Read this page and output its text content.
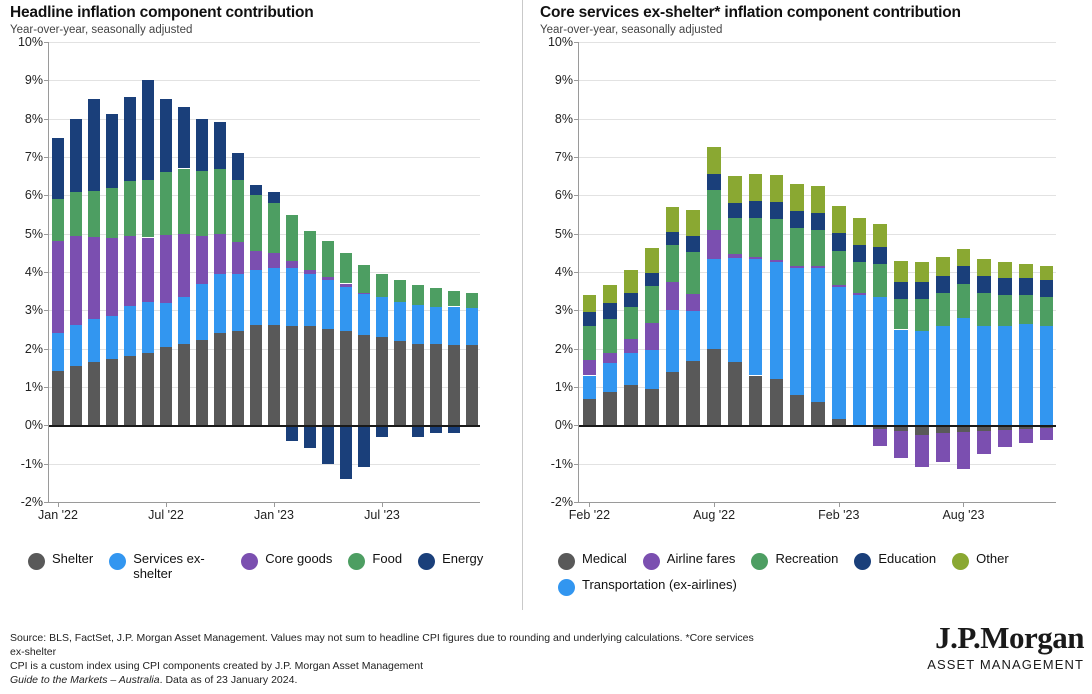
Headline inflation component contribution
Year-over-year, seasonally adjusted
10%
9%
8%
7%
6%
5%
4%
3%
2%
1%
0%
-1%
-2%
Jan '22	Jul '22	Jan '23	Jul '23
Shelter	Services ex-shelter
Core goods	Food	Energy
Core services ex-shelter* inflation component contribution
Year-over-year, seasonally adjusted
10%
9%
8%
7%
6%
5%
4%
3%
2%
1%
0%
-1%
-2%
Feb '22	Aug '22	Feb '23	Aug '23
Medical	Airline fares	Recreation	Education	Other
Transportation (ex-airlines)
Source: BLS, FactSet, J.P. Morgan Asset Management. Values may not sum to headline CPI figures due to rounding and underlying calculations. *Core services ex-shelter
CPI is a custom index using CPI components created by J.P. Morgan Asset Management
Guide to the Markets – Australia. Data as of 23 January 2024.
J.P.Morgan
ASSET MANAGEMENT
